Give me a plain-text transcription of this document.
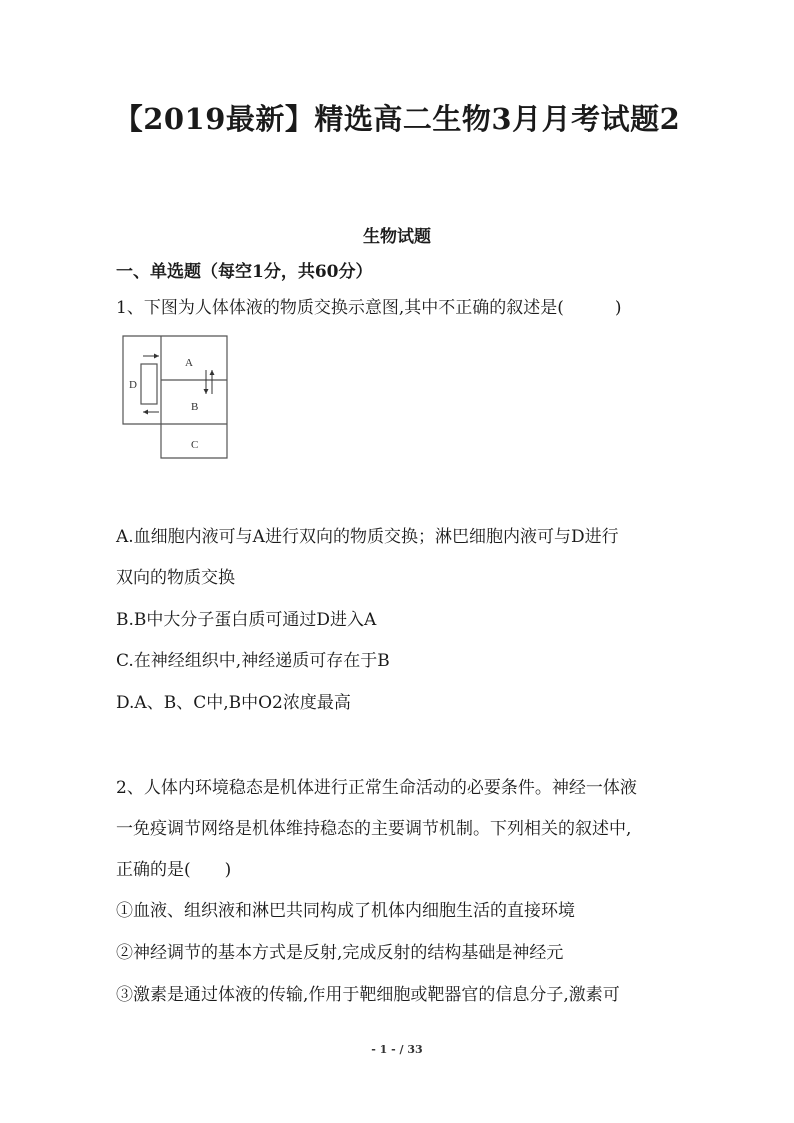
【2019最新】精选高二生物3月月考试题2
生物试题
一、单选题（每空1分，共60分）
1、下图为人体体液的物质交换示意图,其中不正确的叙述是(　　　)
A
B
C
D
A.血细胞内液可与A进行双向的物质交换；淋巴细胞内液可与D进行
双向的物质交换
B.B中大分子蛋白质可通过D进入A
C.在神经组织中,神经递质可存在于B
D.A、B、C中,B中O2浓度最高
2、人体内环境稳态是机体进行正常生命活动的必要条件。神经一体液
一免疫调节网络是机体维持稳态的主要调节机制。下列相关的叙述中,
正确的是(　　)
①血液、组织液和淋巴共同构成了机体内细胞生活的直接环境
②神经调节的基本方式是反射,完成反射的结构基础是神经元
③激素是通过体液的传输,作用于靶细胞或靶器官的信息分子,激素可
- 1 - / 33
